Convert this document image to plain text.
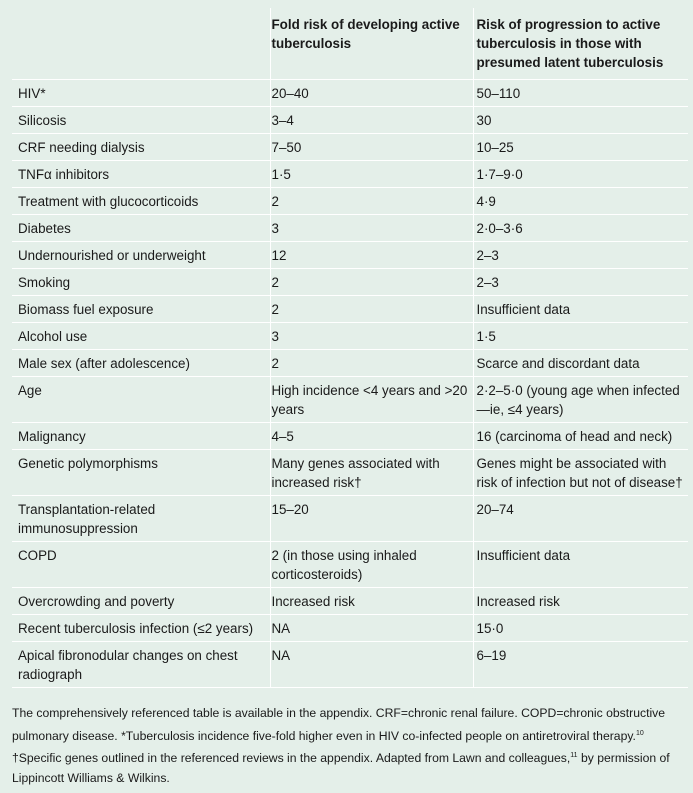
	Fold risk of developing active tuberculosis	Risk of progression to active tuberculosis in those with presumed latent tuberculosis
HIV*	20–40	50–110
Silicosis	3–4	30
CRF needing dialysis	7–50	10–25
TNFα inhibitors	1·5	1·7–9·0
Treatment with glucocorticoids	2	4·9
Diabetes	3	2·0–3·6
Undernourished or underweight	12	2–3
Smoking	2	2–3
Biomass fuel exposure	2	Insufficient data
Alcohol use	3	1·5
Male sex (after adolescence)	2	Scarce and discordant data
Age	High incidence <4 years and >20 years	2·2–5·0 (young age when infected—ie, ≤4 years)
Malignancy	4–5	16 (carcinoma of head and neck)
Genetic polymorphisms	Many genes associated with increased risk†	Genes might be associated with risk of infection but not of disease†
Transplantation-related immunosuppression	15–20	20–74
COPD	2 (in those using inhaled corticosteroids)	Insufficient data
Overcrowding and poverty	Increased risk	Increased risk
Recent tuberculosis infection (≤2 years)	NA	15·0
Apical fibronodular changes on chest radiograph	NA	6–19

The comprehensively referenced table is available in the appendix. CRF=chronic renal failure. COPD=chronic obstructive pulmonary disease. *Tuberculosis incidence five-fold higher even in HIV co-infected people on antiretroviral therapy.$^{10}$

†Specific genes outlined in the referenced reviews in the appendix. Adapted from Lawn and colleagues,$^{11}$ by permission of Lippincott Williams & Wilkins.
